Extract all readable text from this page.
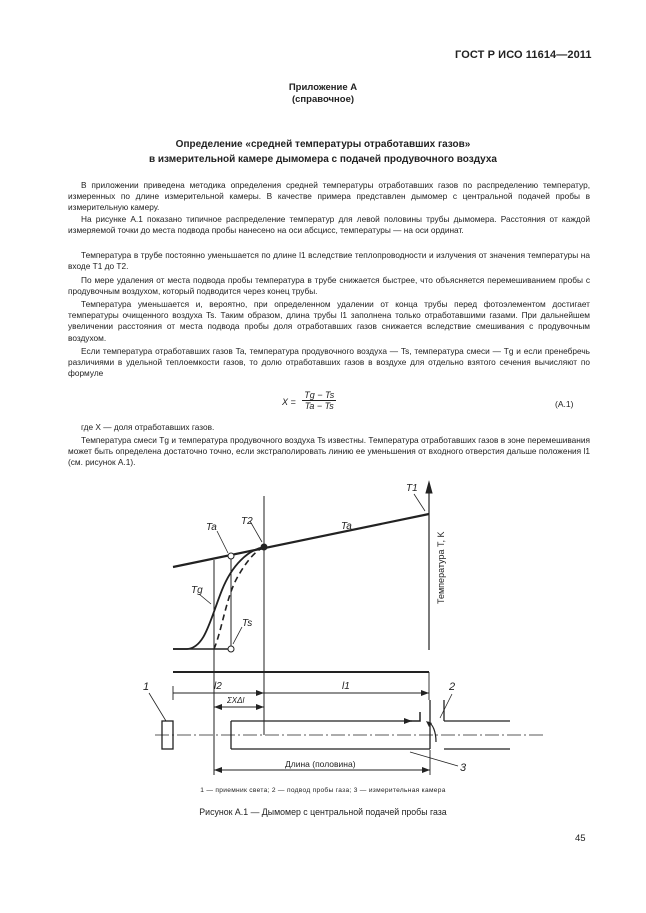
ГОСТ Р ИСО 11614—2011
Приложение А
(справочное)
Определение «средней температуры отработавших газов»
в измерительной камере дымомера с подачей продувочного воздуха
В приложении приведена методика определения средней температуры отработавших газов по распределению температур, измеренных по длине измерительной камеры. В качестве примера представлен дымомер с центральной подачей пробы в измерительную камеру.
На рисунке А.1 показано типичное распределение температур для левой половины трубы дымомера. Расстояния от каждой измеряемой точки до места подвода пробы нанесено на оси абсцисс, температуры — на оси ординат.
Температура в трубе постоянно уменьшается по длине l1 вследствие теплопроводности и излучения от значения температуры на входе T1 до T2.
По мере удаления от места подвода пробы температура в трубе снижается быстрее, что объясняется перемешиванием пробы с продувочным воздухом, который подводится через конец трубы.
Температура уменьшается и, вероятно, при определенном удалении от конца трубы перед фотоэлементом достигает температуры очищенного воздуха Ts. Таким образом, длина трубы l1 заполнена только отработавшими газами. При дальнейшем увеличении расстояния от места подвода пробы доля отработавших газов снижается вследствие смешивания с продувочным воздухом.
Если температура отработавших газов Ta, температура продувочного воздуха — Ts, температура смеси — Tg и если пренебречь различиями в удельной теплоемкости газов, то долю отработавших газов в воздухе для отдельно взятого сечения вычисляют по формуле
$X = \frac{Tg - Ts}{Ta - Ts}$	(А.1)
где X — доля отработавших газов.
Температура смеси Tg и температура продувочного воздуха Ts известны. Температура отработавших газов в зоне перемешивания может быть определена достаточно точно, если экстраполировать линию ее уменьшения от входного отверстия дальше положения l1 (см. рисунок А.1).
T1
T2
Ta	Ta
Tg
Ts
Температура T, K
l1
l2
ΣXΔl
Длина (половина)
1	2
3
1 — приемник света; 2 — подвод пробы газа; 3 — измерительная камера
Рисунок А.1 — Дымомер с центральной подачей пробы газа
45
